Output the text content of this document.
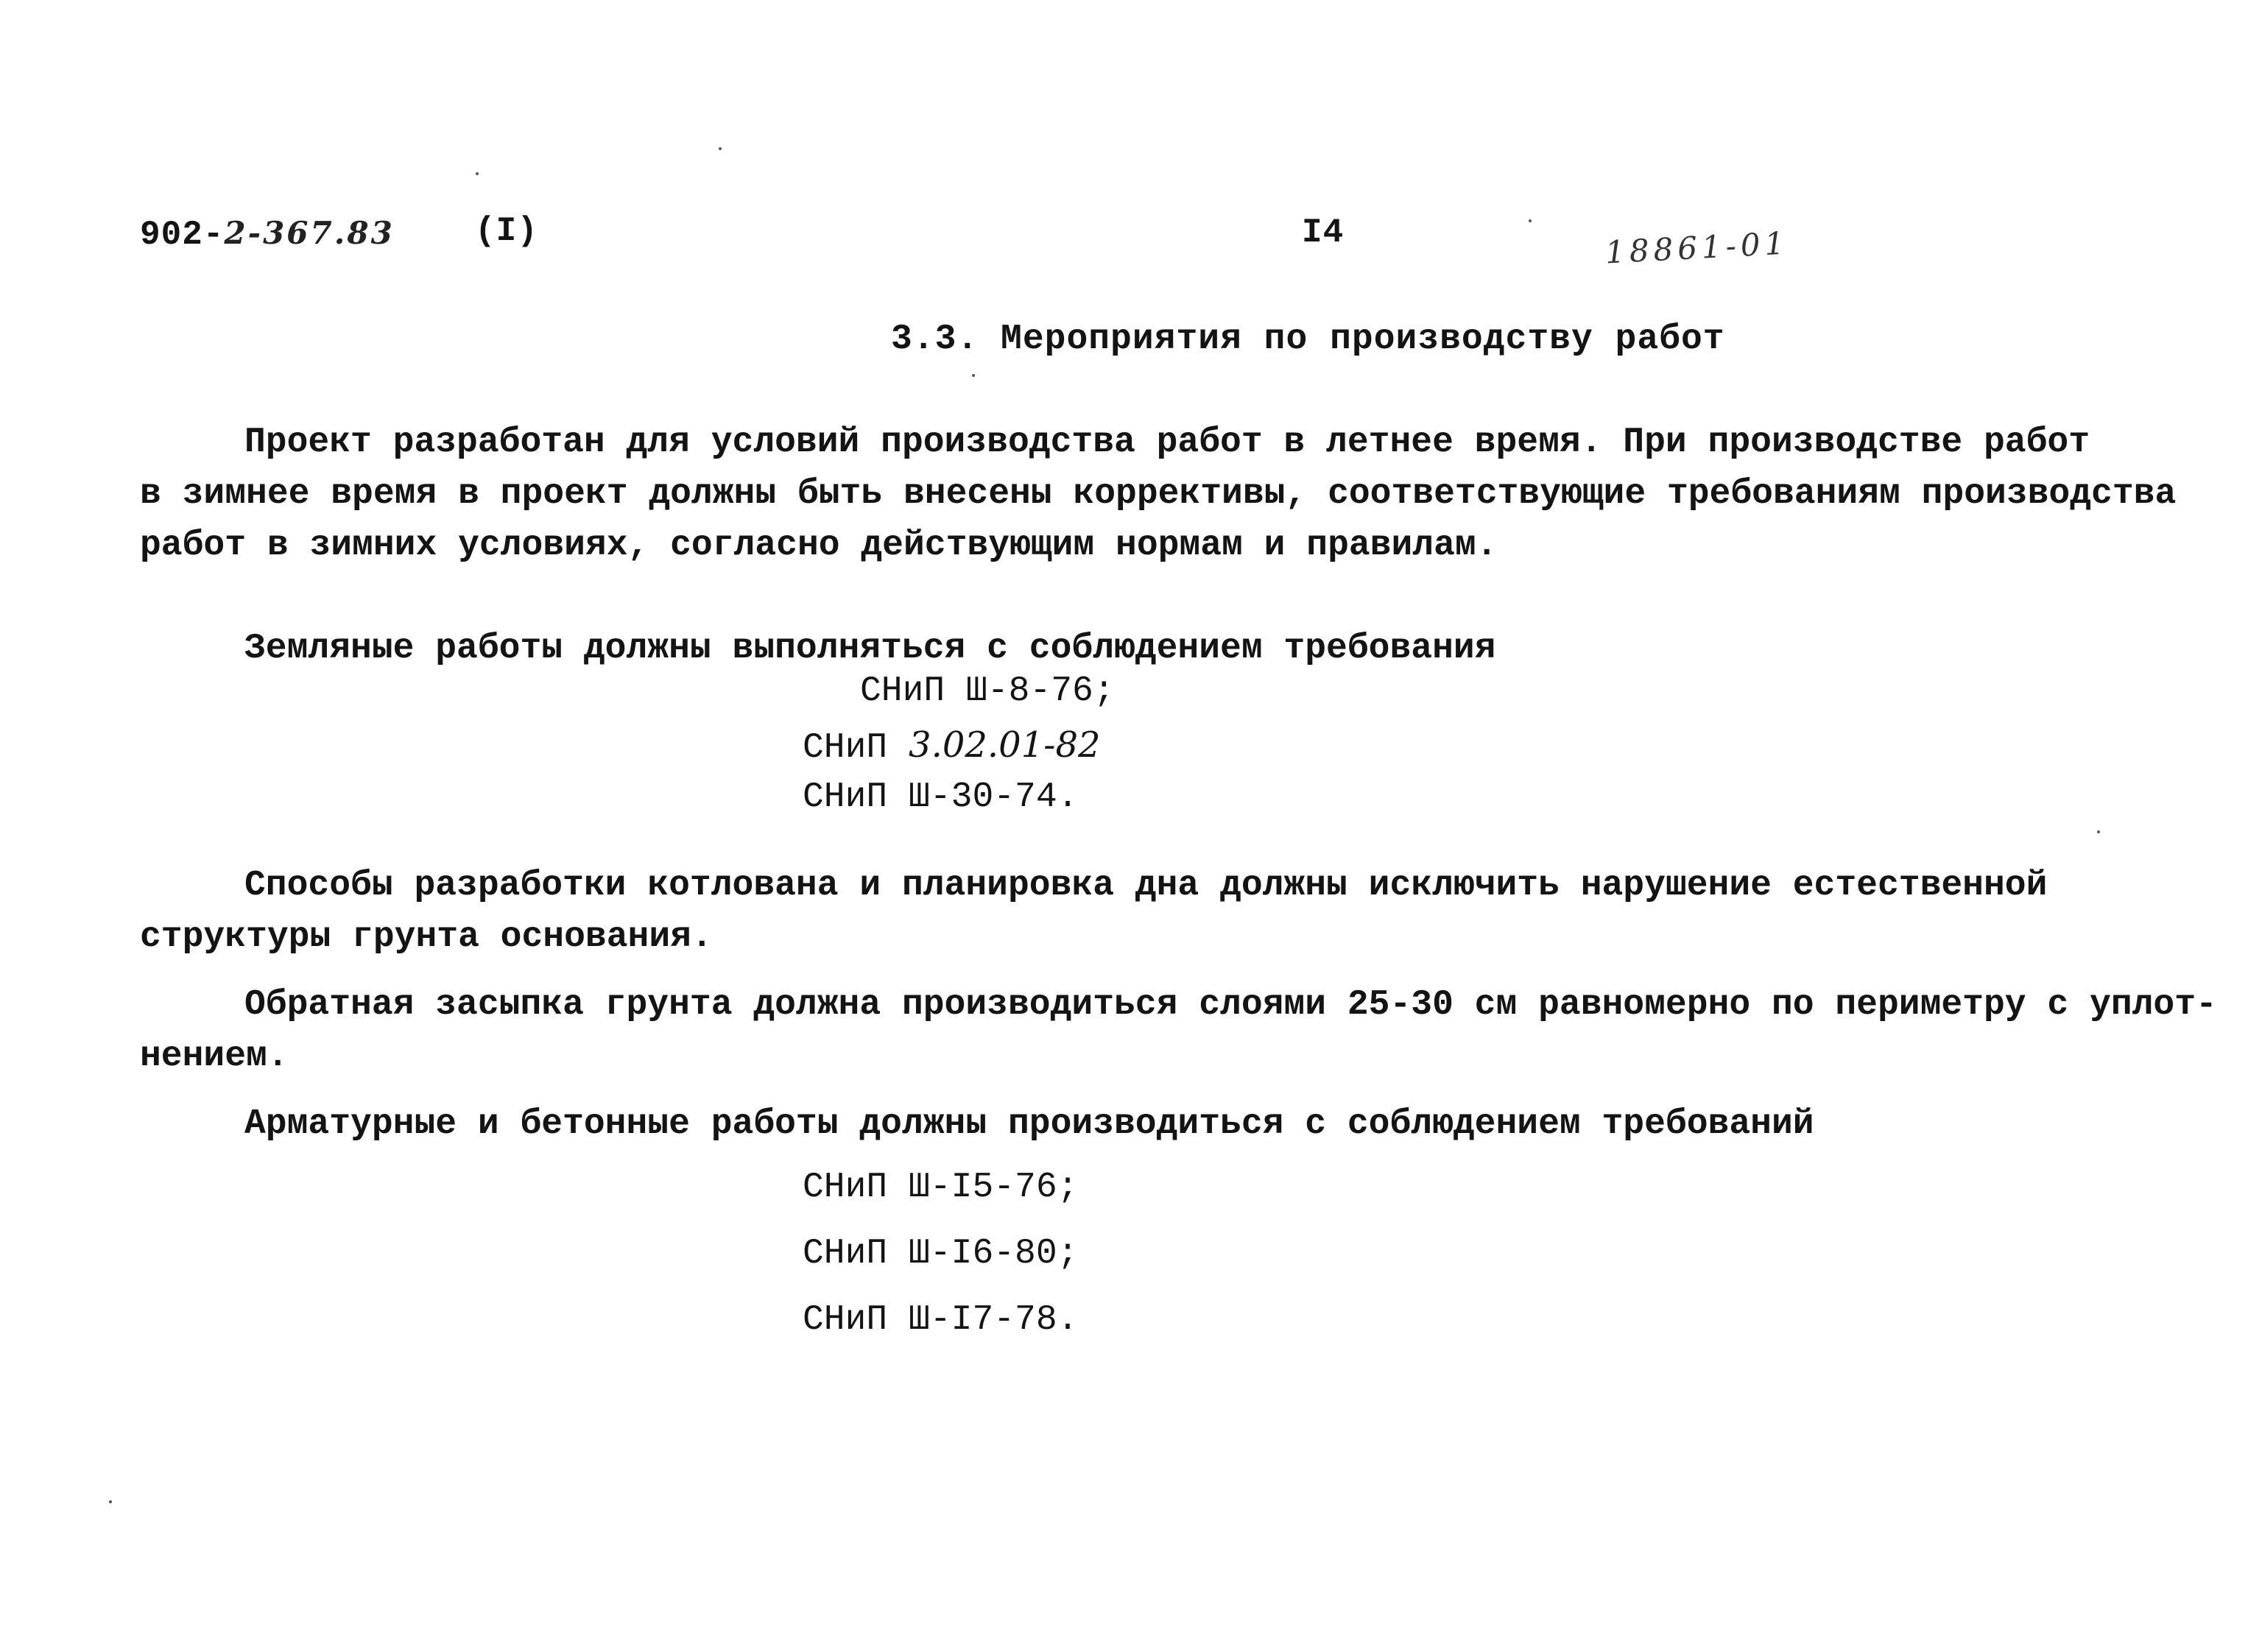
902-2-367.83 (I)	I4	18861-01
3.3. Мероприятия по производству работ
Проект разработан для условий производства работ в летнее время. При производстве работ
в зимнее время в проект должны быть внесены коррективы, соответствующие требованиям производства
работ в зимних условиях, согласно действующим нормам и правилам.
Земляные работы должны выполняться с соблюдением требования
СНиП Ш-8-76;
СНиП 3.02.01-82
СНиП Ш-30-74.
Способы разработки котлована и планировка дна должны исключить нарушение естественной
структуры грунта основания.
Обратная засыпка грунта должна производиться слоями 25-30 см равномерно по периметру с уплот-
нением.
Арматурные и бетонные работы должны производиться с соблюдением требований
СНиП Ш-I5-76;
СНиП Ш-I6-80;
СНиП Ш-I7-78.
